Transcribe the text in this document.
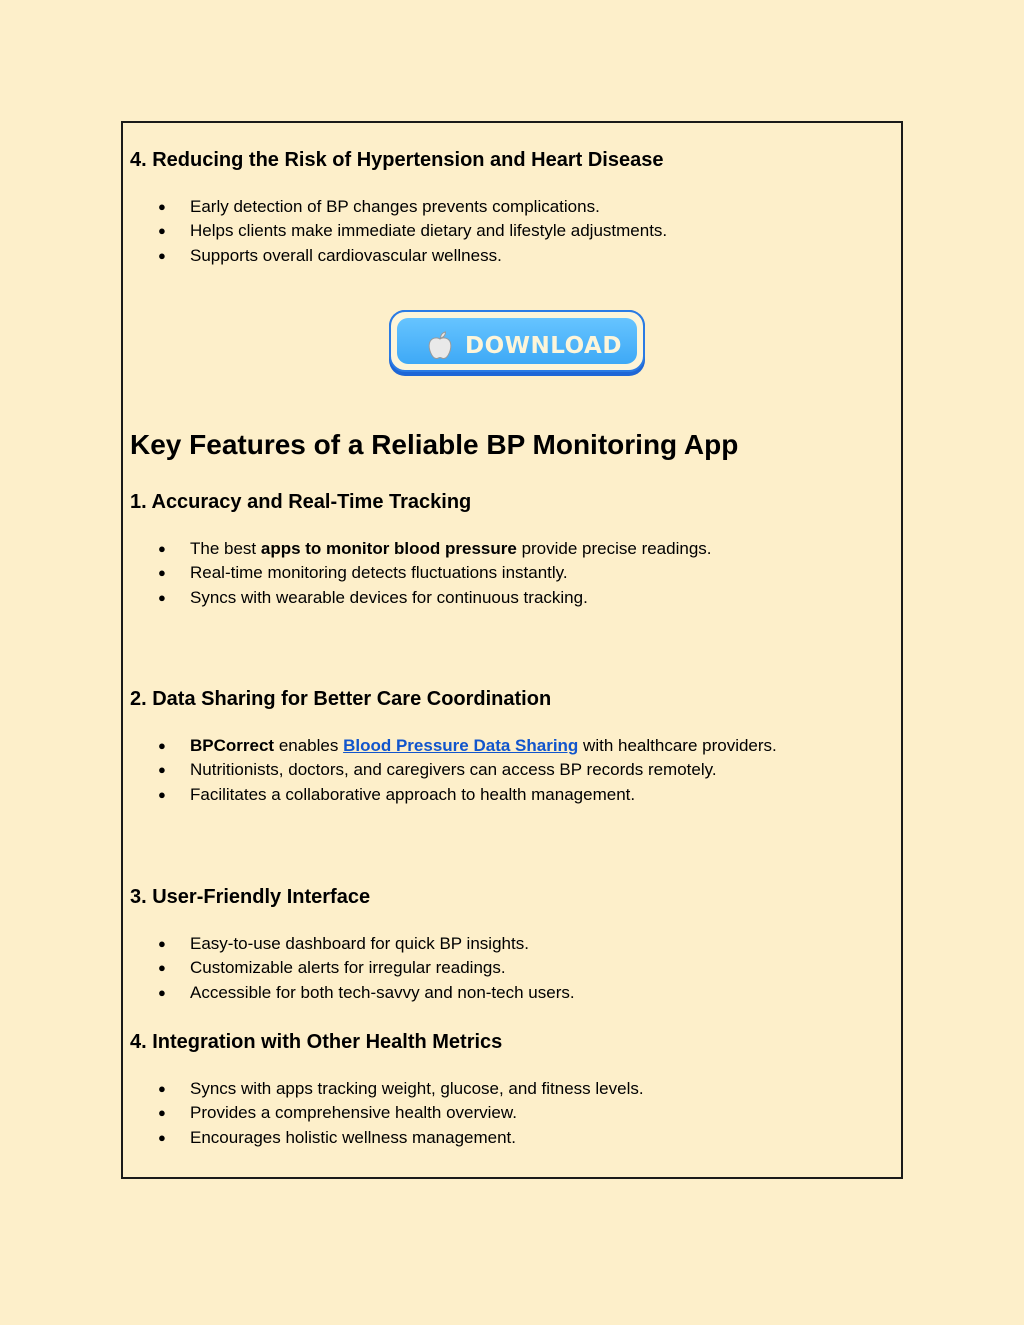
4. Reducing the Risk of Hypertension and Heart Disease
● Early detection of BP changes prevents complications.
● Helps clients make immediate dietary and lifestyle adjustments.
● Supports overall cardiovascular wellness.
DOWNLOAD
Key Features of a Reliable BP Monitoring App
1. Accuracy and Real-Time Tracking
● The best apps to monitor blood pressure provide precise readings.
● Real-time monitoring detects fluctuations instantly.
● Syncs with wearable devices for continuous tracking.
2. Data Sharing for Better Care Coordination
● BPCorrect enables Blood Pressure Data Sharing with healthcare providers.
● Nutritionists, doctors, and caregivers can access BP records remotely.
● Facilitates a collaborative approach to health management.
3. User-Friendly Interface
● Easy-to-use dashboard for quick BP insights.
● Customizable alerts for irregular readings.
● Accessible for both tech-savvy and non-tech users.
4. Integration with Other Health Metrics
● Syncs with apps tracking weight, glucose, and fitness levels.
● Provides a comprehensive health overview.
● Encourages holistic wellness management.
